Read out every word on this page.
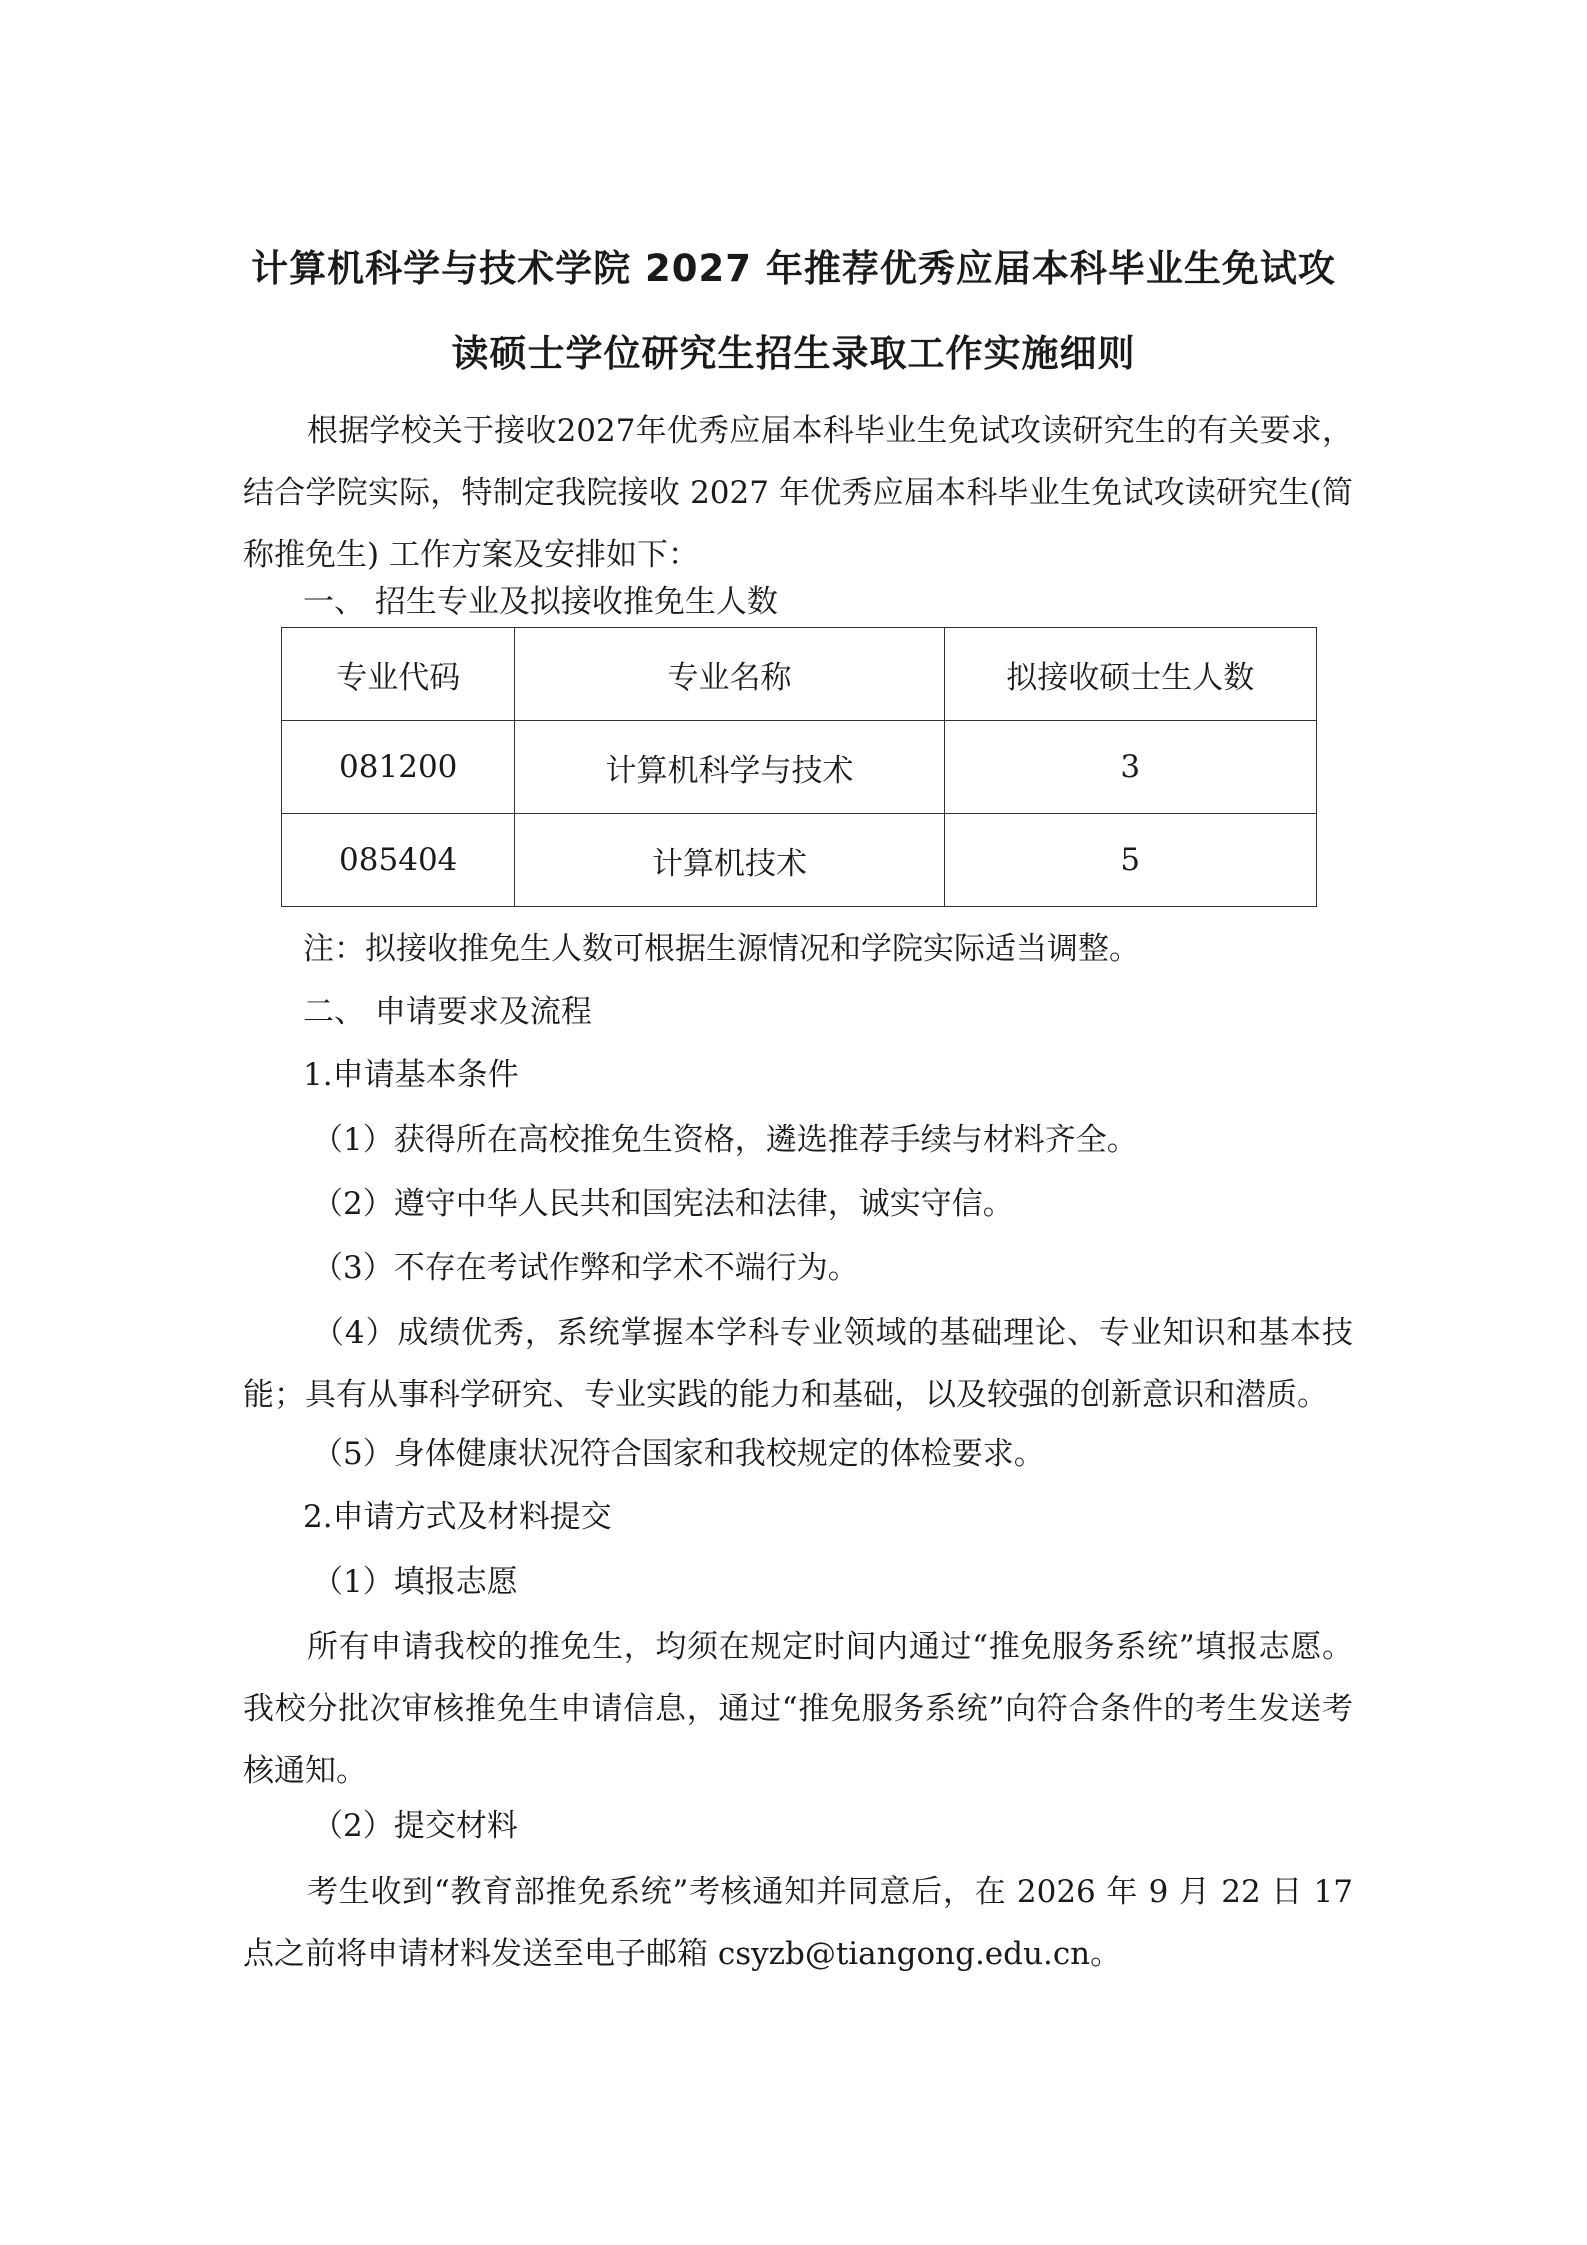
计算机科学与技术学院 2027 年推荐优秀应届本科毕业生免试攻
读硕士学位研究生招生录取工作实施细则
根据学校关于接收2027年优秀应届本科毕业生免试攻读研究生的有关要求，结合学院实际，特制定我院接收 2027 年优秀应届本科毕业生免试攻读研究生(简称推免生) 工作方案及安排如下：
一、 招生专业及拟接收推免生人数
专业代码	专业名称	拟接收硕士生人数
081200	计算机科学与技术	3
085404	计算机技术	5
注：拟接收推免生人数可根据生源情况和学院实际适当调整。
二、 申请要求及流程
1.申请基本条件
（1）获得所在高校推免生资格，遴选推荐手续与材料齐全。
（2）遵守中华人民共和国宪法和法律，诚实守信。
（3）不存在考试作弊和学术不端行为。
（4）成绩优秀，系统掌握本学科专业领域的基础理论、专业知识和基本技能；具有从事科学研究、专业实践的能力和基础，以及较强的创新意识和潜质。
（5）身体健康状况符合国家和我校规定的体检要求。
2.申请方式及材料提交
（1）填报志愿
所有申请我校的推免生，均须在规定时间内通过“推免服务系统”填报志愿。我校分批次审核推免生申请信息，通过“推免服务系统”向符合条件的考生发送考核通知。
（2）提交材料
考生收到“教育部推免系统”考核通知并同意后，在 2026 年 9 月 22 日 17 点之前将申请材料发送至电子邮箱 csyzb@tiangong.edu.cn。
